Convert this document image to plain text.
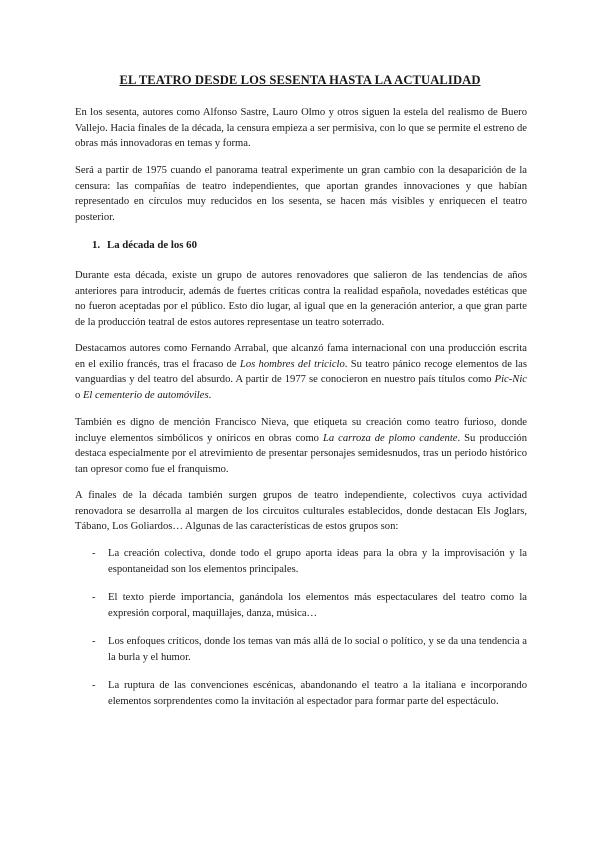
EL TEATRO DESDE LOS SESENTA HASTA LA ACTUALIDAD

En los sesenta, autores como Alfonso Sastre, Lauro Olmo y otros siguen la estela del realismo de Buero Vallejo. Hacia finales de la década, la censura empieza a ser permisiva, con lo que se permite el estreno de obras más innovadoras en temas y forma.

Será a partir de 1975 cuando el panorama teatral experimente un gran cambio con la desaparición de la censura: las compañías de teatro independientes, que aportan grandes innovaciones y que habían representado en círculos muy reducidos en los sesenta, se hacen más visibles y enriquecen el teatro posterior.

1. La década de los 60

Durante esta década, existe un grupo de autores renovadores que salieron de las tendencias de años anteriores para introducir, además de fuertes críticas contra la realidad española, novedades estéticas que no fueron aceptadas por el público. Esto dio lugar, al igual que en la generación anterior, a que gran parte de la producción teatral de estos autores representase un teatro soterrado.

Destacamos autores como Fernando Arrabal, que alcanzó fama internacional con una producción escrita en el exilio francés, tras el fracaso de Los hombres del triciclo. Su teatro pánico recoge elementos de las vanguardias y del teatro del absurdo. A partir de 1977 se conocieron en nuestro país títulos como Pic-Nic o El cementerio de automóviles.

También es digno de mención Francisco Nieva, que etiqueta su creación como teatro furioso, donde incluye elementos simbólicos y oníricos en obras como La carroza de plomo candente. Su producción destaca especialmente por el atrevimiento de presentar personajes semidesnudos, tras un periodo histórico tan opresor como fue el franquismo.

A finales de la década también surgen grupos de teatro independiente, colectivos cuya actividad renovadora se desarrolla al margen de los circuitos culturales establecidos, donde destacan Els Joglars, Tábano, Los Goliardos… Algunas de las características de estos grupos son:

-	La creación colectiva, donde todo el grupo aporta ideas para la obra y la improvisación y la espontaneidad son los elementos principales.
-	El texto pierde importancia, ganándola los elementos más espectaculares del teatro como la expresión corporal, maquillajes, danza, música…
-	Los enfoques críticos, donde los temas van más allá de lo social o político, y se da una tendencia a la burla y el humor.
-	La ruptura de las convenciones escénicas, abandonando el teatro a la italiana e incorporando elementos sorprendentes como la invitación al espectador para formar parte del espectáculo.
